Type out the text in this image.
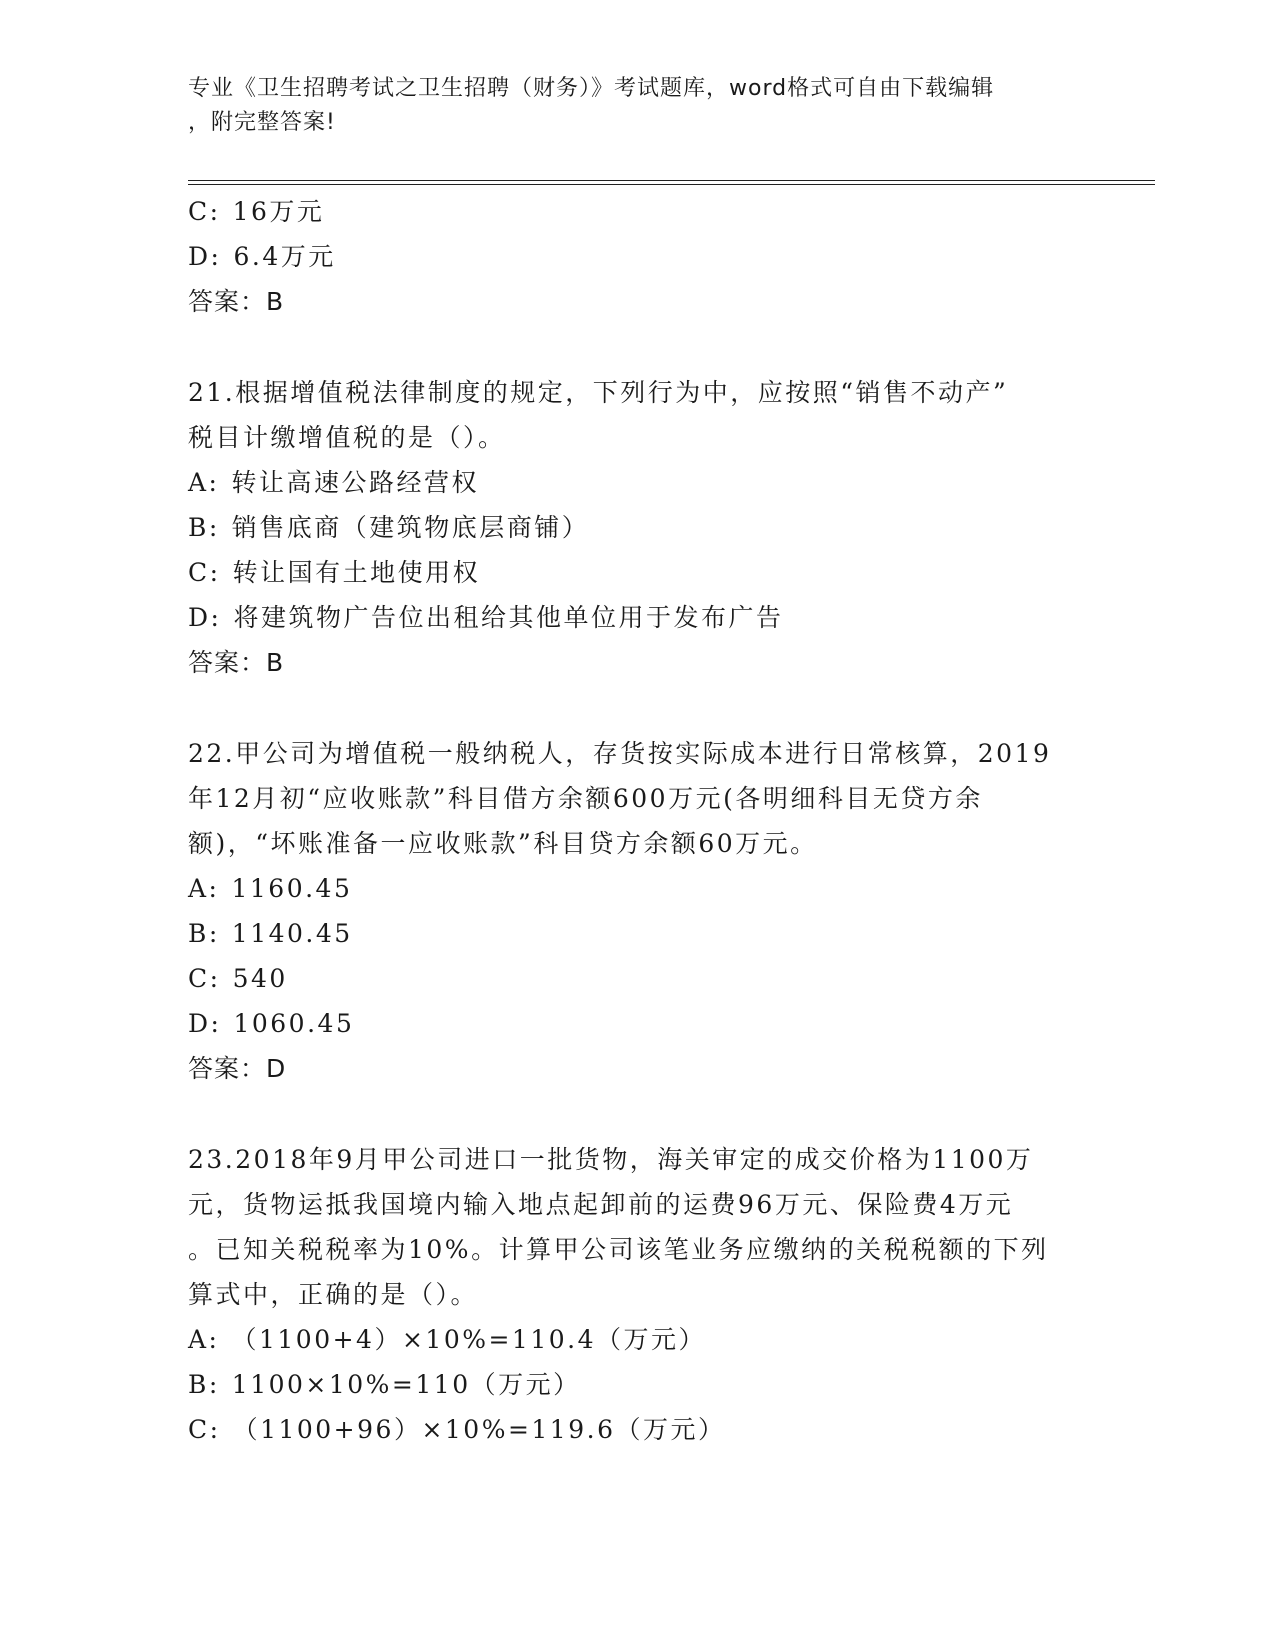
专业《卫生招聘考试之卫生招聘（财务）》考试题库，word格式可自由下载编辑
，附完整答案!
C: 16万元
D: 6.4万元
答案：B
21.根据增值税法律制度的规定，下列行为中，应按照“销售不动产”
税目计缴增值税的是（）。
A: 转让高速公路经营权
B: 销售底商（建筑物底层商铺）
C: 转让国有土地使用权
D: 将建筑物广告位出租给其他单位用于发布广告
答案：B
22.甲公司为增值税一般纳税人，存货按实际成本进行日常核算，2019
年12月初“应收账款”科目借方余额600万元(各明细科目无贷方余
额)，“坏账准备一应收账款”科目贷方余额60万元。
A: 1160.45
B: 1140.45
C: 540
D: 1060.45
答案：D
23.2018年9月甲公司进口一批货物，海关审定的成交价格为1100万
元，货物运抵我国境内输入地点起卸前的运费96万元、保险费4万元
。已知关税税率为10%。计算甲公司该笔业务应缴纳的关税税额的下列
算式中，正确的是（）。
A: （1100+4）×10%=110.4（万元）
B: 1100×10%=110（万元）
C: （1100+96）×10%=119.6（万元）
